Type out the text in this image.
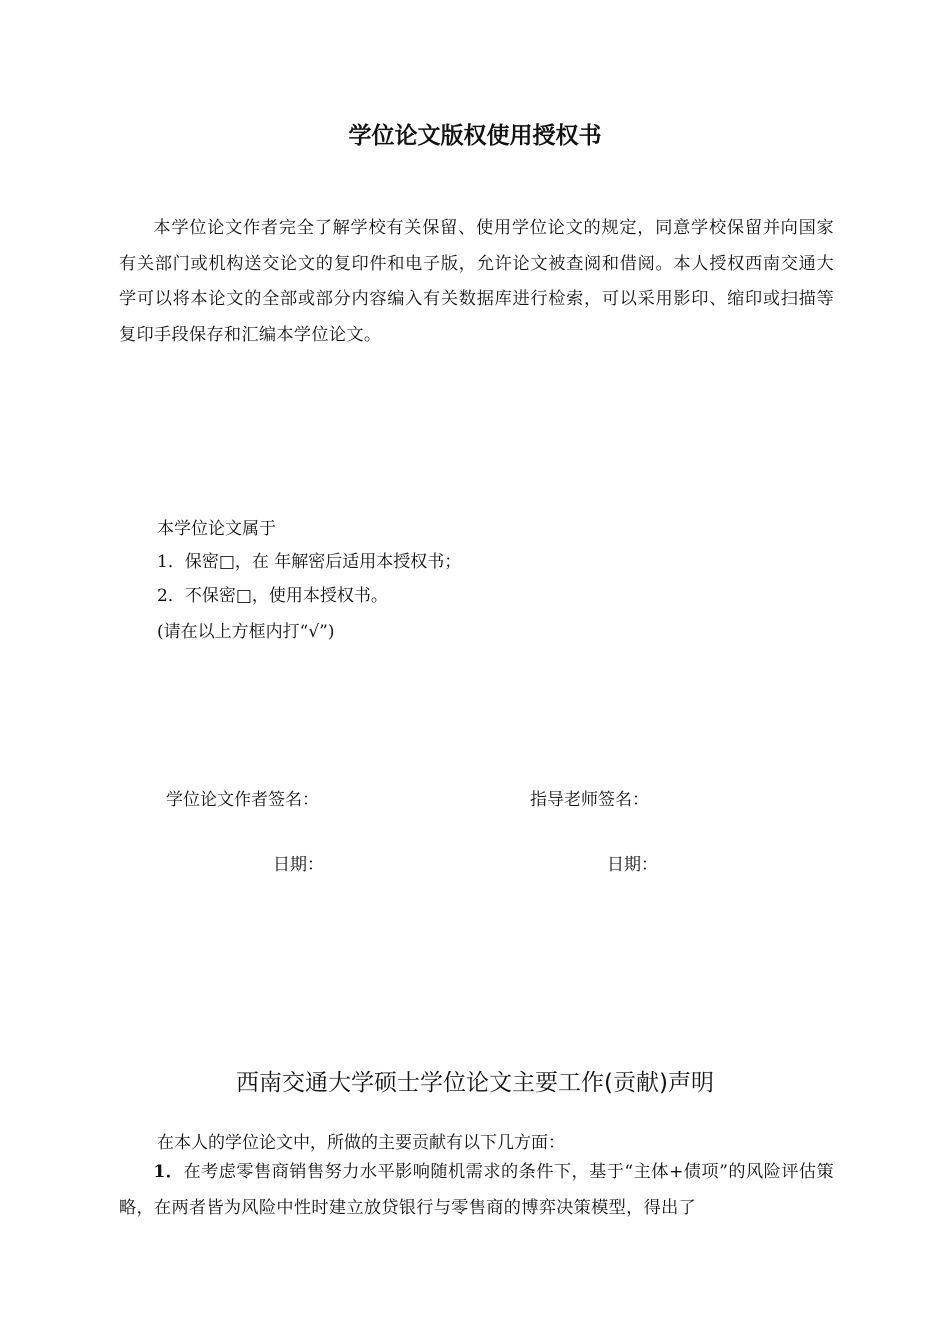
学位论文版权使用授权书
本学位论文作者完全了解学校有关保留、使用学位论文的规定，同意学校保留并向国家有关部门或机构送交论文的复印件和电子版，允许论文被查阅和借阅。本人授权西南交通大学可以将本论文的全部或部分内容编入有关数据库进行检索，可以采用影印、缩印或扫描等复印手段保存和汇编本学位论文。
本学位论文属于
1．保密□，在 年解密后适用本授权书；
2．不保密□，使用本授权书。
(请在以上方框内打“√”)
学位论文作者签名：	指导老师签名：
日期：	日期：
西南交通大学硕士学位论文主要工作(贡献)声明
在本人的学位论文中，所做的主要贡献有以下几方面：
1．在考虑零售商销售努力水平影响随机需求的条件下，基于“主体+债项”的风险评估策略，在两者皆为风险中性时建立放贷银行与零售商的博弈决策模型，得出了
